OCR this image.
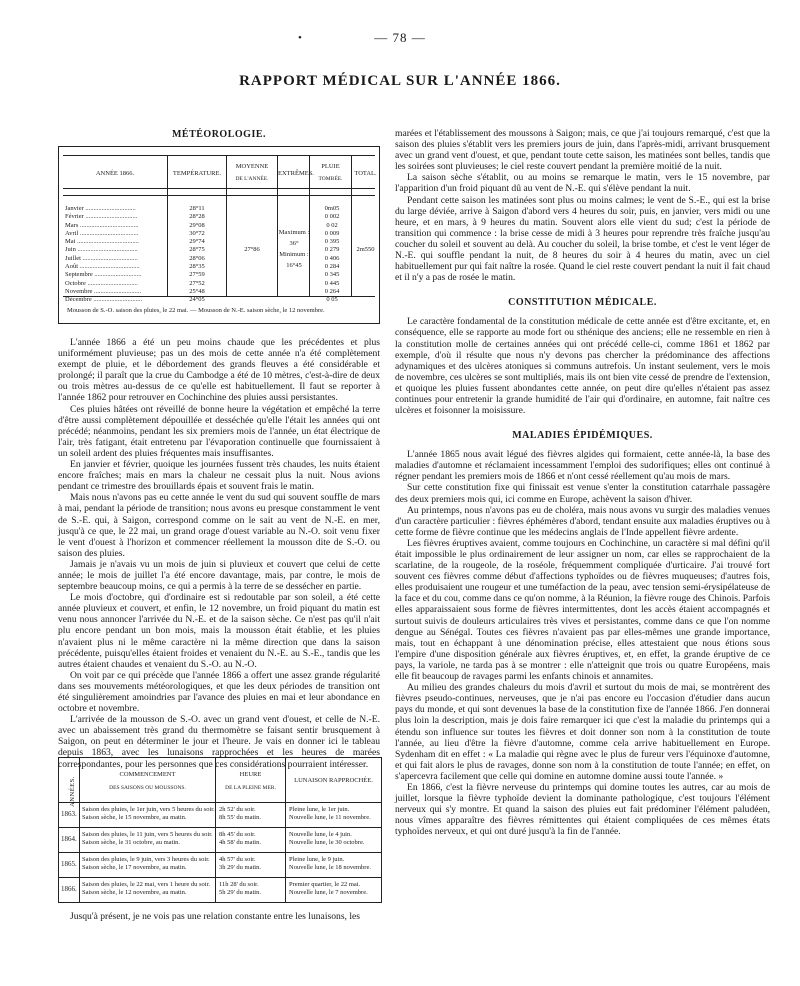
•	— 78 —
RAPPORT MÉDICAL SUR L'ANNÉE 1866.
MÉTÉOROLOGIE.
ANNÉE 1866.	TEMPÉRATURE.
MOYENNE
DE L'ANNÉE.
EXTRÊMES.
PLUIE
TOMBÉE.
TOTAL.
Janvier ...............................
Février ................................
Mars ....................................
Avril ....................................
Mai ......................................
Juin .....................................
Juillet ..................................
Août .....................................
Septembre .............................
Octobre ...............................
Novembre .............................
Décembre ..............................
28°11
28°28
29°08
30°72
29°74
28°75
28°06
28°35
27°59
27°52
25°48
24°05
27°86
Maximum :
36°
Minimum :
16°45
0m05
0 002
0 02
0 009
0 395
0 279
0 406
0 284
0 345
0 445
0 264
0 05
2m550
Mousson de S.-O. saison des pluies, le 22 mai. — Mousson de N.-E. saison sèche, le 12 novembre.

L'année 1866 a été un peu moins chaude que les précédentes et plus uniformément pluvieuse; pas un des mois de cette année n'a été complètement exempt de pluie, et le débordement des grands fleuves a été considérable et prolongé; il paraît que la crue du Cambodge a été de 10 mètres, c'est-à-dire de deux ou trois mètres au-dessus de ce qu'elle est habituellement. Il faut se reporter à l'année 1862 pour retrouver en Cochinchine des pluies aussi persistantes.

Ces pluies hâtées ont réveillé de bonne heure la végétation et empêché la terre d'être aussi complètement dépouillée et desséchée qu'elle l'était les années qui ont précédé; néanmoins, pendant les six premiers mois de l'année, un état électrique de l'air, très fatigant, était entretenu par l'évaporation continuelle que fournissaient à un soleil ardent des pluies fréquentes mais insuffisantes.

En janvier et février, quoique les journées fussent très chaudes, les nuits étaient encore fraîches; mais en mars la chaleur ne cessait plus la nuit. Nous avions pendant ce trimestre des brouillards épais et souvent frais le matin.

Mais nous n'avons pas eu cette année le vent du sud qui souvent souffle de mars à mai, pendant la période de transition; nous avons eu presque constamment le vent de S.-E. qui, à Saigon, correspond comme on le sait au vent de N.-E. en mer, jusqu'à ce que, le 22 mai, un grand orage d'ouest variable au N.-O. soit venu fixer le vent d'ouest à l'horizon et commencer réellement la mousson dite de S.-O. ou saison des pluies.

Jamais je n'avais vu un mois de juin si pluvieux et couvert que celui de cette année; le mois de juillet l'a été encore davantage, mais, par contre, le mois de septembre beaucoup moins, ce qui a permis à la terre de se dessécher en partie.

Le mois d'octobre, qui d'ordinaire est si redoutable par son soleil, a été cette année pluvieux et couvert, et enfin, le 12 novembre, un froid piquant du matin est venu nous annoncer l'arrivée du N.-E. et de la saison sèche. Ce n'est pas qu'il n'ait plu encore pendant un bon mois, mais la mousson était établie, et les pluies n'avaient plus ni le même caractère ni la même direction que dans la saison précédente, puisqu'elles étaient froides et venaient du N.-E. au S.-E., tandis que les autres étaient chaudes et venaient du S.-O. au N.-O.

On voit par ce qui précède que l'année 1866 a offert une assez grande régularité dans ses mouvements météorologiques, et que les deux périodes de transition ont été singulièrement amoindries par l'avance des pluies en mai et leur abondance en octobre et novembre.

L'arrivée de la mousson de S.-O. avec un grand vent d'ouest, et celle de N.-E. avec un abaissement très grand du thermomètre se faisant sentir brusquement à Saigon, on peut en déterminer le jour et l'heure. Je vais en donner ici le tableau depuis 1863, avec les lunaisons rapprochées et les heures de marées correspondantes, pour les personnes que ces considérations pourraient intéresser.

ANNÉES.
COMMENCEMENT
DES SAISONS OU MOUSSONS.
HEURE
DE LA PLEINE MER.
LUNAISON RAPPROCHÉE.
1863.
Saison des pluies, le 1er juin, vers 5 heures du soir.
Saison sèche, le 15 novembre, au matin.
2h 52' du soir.
8h 55' du matin.
Pleine lune, le 1er juin.
Nouvelle lune, le 11 novembre.
1864.
Saison des pluies, le 11 juin, vers 5 heures du soir.
Saison sèche, le 31 octobre, au matin.
8h 45' du soir.
4h 58' du matin.
Nouvelle lune, le 4 juin.
Nouvelle lune, le 30 octobre.
1865.
Saison des pluies, le 9 juin, vers 3 heures du soir.
Saison sèche, le 17 novembre, au matin.
4h 57' du soir.
3h 29' du matin.
Pleine lune, le 9 juin.
Nouvelle lune, le 18 novembre.
1866.
Saison des pluies, le 22 mai, vers 1 heure du soir.
Saison sèche, le 12 novembre, au matin.
11h 28' du soir.
5h 29' du matin.
Premier quartier, le 22 mai.
Nouvelle lune, le 7 novembre.

Jusqu'à présent, je ne vois pas une relation constante entre les lunaisons, les

marées et l'établissement des moussons à Saigon; mais, ce que j'ai toujours remarqué, c'est que la saison des pluies s'établit vers les premiers jours de juin, dans l'après-midi, arrivant brusquement avec un grand vent d'ouest, et que, pendant toute cette saison, les matinées sont belles, tandis que les soirées sont pluvieuses; le ciel reste couvert pendant la première moitié de la nuit.

La saison sèche s'établit, ou au moins se remarque le matin, vers le 15 novembre, par l'apparition d'un froid piquant dû au vent de N.-E. qui s'élève pendant la nuit.

Pendant cette saison les matinées sont plus ou moins calmes; le vent de S.-E., qui est la brise du large déviée, arrive à Saigon d'abord vers 4 heures du soir, puis, en janvier, vers midi ou une heure, et en mars, à 9 heures du matin. Souvent alors elle vient du sud; c'est la période de transition qui commence : la brise cesse de midi à 3 heures pour reprendre très fraîche jusqu'au coucher du soleil et souvent au delà. Au coucher du soleil, la brise tombe, et c'est le vent léger de N.-E. qui souffle pendant la nuit, de 8 heures du soir à 4 heures du matin, avec un ciel habituellement pur qui fait naître la rosée. Quand le ciel reste couvert pendant la nuit il fait chaud et il n'y a pas de rosée le matin.

CONSTITUTION MÉDICALE.

Le caractère fondamental de la constitution médicale de cette année est d'être excitante, et, en conséquence, elle se rapporte au mode fort ou sthénique des anciens; elle ne ressemble en rien à la constitution molle de certaines années qui ont précédé celle-ci, comme 1861 et 1862 par exemple, d'où il résulte que nous n'y devons pas chercher la prédominance des affections adynamiques et des ulcères atoniques si communs autrefois. Un instant seulement, vers le mois de novembre, ces ulcères se sont multipliés, mais ils ont bien vite cessé de prendre de l'extension, et quoique les pluies fussent abondantes cette année, on peut dire qu'elles n'étaient pas assez continues pour entretenir la grande humidité de l'air qui d'ordinaire, en automne, fait naître ces ulcères et foisonner la moisissure.

MALADIES ÉPIDÉMIQUES.

L'année 1865 nous avait légué des fièvres algides qui formaient, cette année-là, la base des maladies d'automne et réclamaient incessamment l'emploi des sudorifiques; elles ont continué à régner pendant les premiers mois de 1866 et n'ont cessé réellement qu'au mois de mars.

Sur cette constitution fixe qui finissait est venue s'enter la constitution catarrhale passagère des deux premiers mois qui, ici comme en Europe, achèvent la saison d'hiver.

Au printemps, nous n'avons pas eu de choléra, mais nous avons vu surgir des maladies venues d'un caractère particulier : fièvres éphémères d'abord, tendant ensuite aux maladies éruptives ou à cette forme de fièvre continue que les médecins anglais de l'Inde appellent fièvre ardente.

Les fièvres éruptives avaient, comme toujours en Cochinchine, un caractère si mal défini qu'il était impossible le plus ordinairement de leur assigner un nom, car elles se rapprochaient de la scarlatine, de la rougeole, de la roséole, fréquemment compliquée d'urticaire. J'ai trouvé fort souvent ces fièvres comme début d'affections typhoïdes ou de fièvres muqueuses; d'autres fois, elles produisaient une rougeur et une tuméfaction de la peau, avec tension semi-érysipélateuse de la face et du cou, comme dans ce qu'on nomme, à la Réunion, la fièvre rouge des Chinois. Parfois elles apparaissaient sous forme de fièvres intermittentes, dont les accès étaient accompagnés et surtout suivis de douleurs articulaires très vives et persistantes, comme dans ce que l'on nomme dengue au Sénégal. Toutes ces fièvres n'avaient pas par elles-mêmes une grande importance, mais, tout en échappant à une dénomination précise, elles attestaient que nous étions sous l'empire d'une disposition générale aux fièvres éruptives, et, en effet, la grande éruptive de ce pays, la variole, ne tarda pas à se montrer : elle n'atteignit que trois ou quatre Européens, mais elle fit beaucoup de ravages parmi les enfants chinois et annamites.

Au milieu des grandes chaleurs du mois d'avril et surtout du mois de mai, se montrèrent des fièvres pseudo-continues, nerveuses, que je n'ai pas encore eu l'occasion d'étudier dans aucun pays du monde, et qui sont devenues la base de la constitution fixe de l'année 1866. J'en donnerai plus loin la description, mais je dois faire remarquer ici que c'est la maladie du printemps qui a étendu son influence sur toutes les fièvres et doit donner son nom à la constitution de toute l'année, au lieu d'être la fièvre d'automne, comme cela arrive habituellement en Europe. Sydenham dit en effet : « La maladie qui règne avec le plus de fureur vers l'équinoxe d'automne, et qui fait alors le plus de ravages, donne son nom à la constitution de toute l'année; en effet, on s'apercevra facilement que celle qui domine en automne domine aussi toute l'année. »

En 1866, c'est la fièvre nerveuse du printemps qui domine toutes les autres, car au mois de juillet, lorsque la fièvre typhoïde devient la dominante pathologique, c'est toujours l'élément nerveux qui s'y montre. Et quand la saison des pluies eut fait prédominer l'élément paludéen, nous vîmes apparaître des fièvres rémittentes qui étaient compliquées de ces mêmes états typhoïdes nerveux, et qui ont duré jusqu'à la fin de l'année.
